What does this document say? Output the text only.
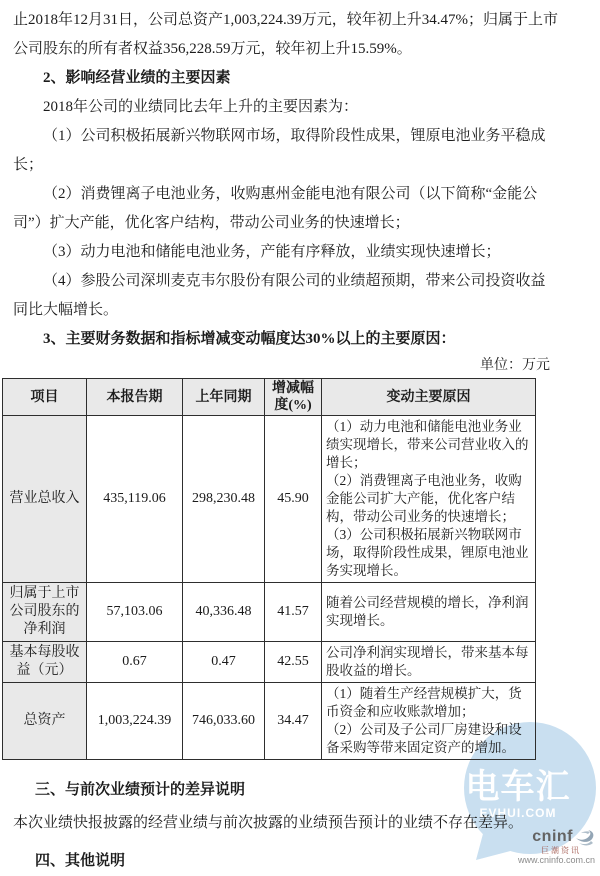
电车汇
EVHUI.COM

止2018年12月31日，公司总资产1,003,224.39万元，较年初上升34.47%；归属于上市公司股东的所有者权益356,228.59万元，较年初上升15.59%。

2、影响经营业绩的主要因素

2018年公司的业绩同比去年上升的主要因素为：

（1）公司积极拓展新兴物联网市场，取得阶段性成果，锂原电池业务平稳成长；

（2）消费锂离子电池业务，收购惠州金能电池有限公司（以下简称“金能公司”）扩大产能，优化客户结构，带动公司业务的快速增长；

（3）动力电池和储能电池业务，产能有序释放，业绩实现快速增长；

（4）参股公司深圳麦克韦尔股份有限公司的业绩超预期，带来公司投资收益同比大幅增长。

3、主要财务数据和指标增减变动幅度达30%以上的主要原因：

单位：万元
项目	本报告期	上年同期	增减幅度(%)	变动主要原因
营业总收入	435,119.06	298,230.48	45.90	（1）动力电池和储能电池业务业绩实现增长，带来公司营业收入的增长；

（2）消费锂离子电池业务，收购金能公司扩大产能，优化客户结构，带动公司业务的快速增长；

（3）公司积极拓展新兴物联网市场，取得阶段性成果，锂原电池业务实现增长。

归属于上市公司股东的净利润	57,103.06	40,336.48	41.57	随着公司经营规模的增长，净利润实现增长。

基本每股收益（元）	0.67	0.47	42.55	公司净利润实现增长，带来基本每股收益的增长。

总资产	1,003,224.39	746,033.60	34.47	（1）随着生产经营规模扩大，货币资金和应收账款增加；

（2）公司及子公司厂房建设和设备采购等带来固定资产的增加。

三、与前次业绩预计的差异说明

本次业绩快报披露的经营业绩与前次披露的业绩预告预计的业绩不存在差异。

四、其他说明

cninf
巨潮资讯
www.cninfo.com.cn
